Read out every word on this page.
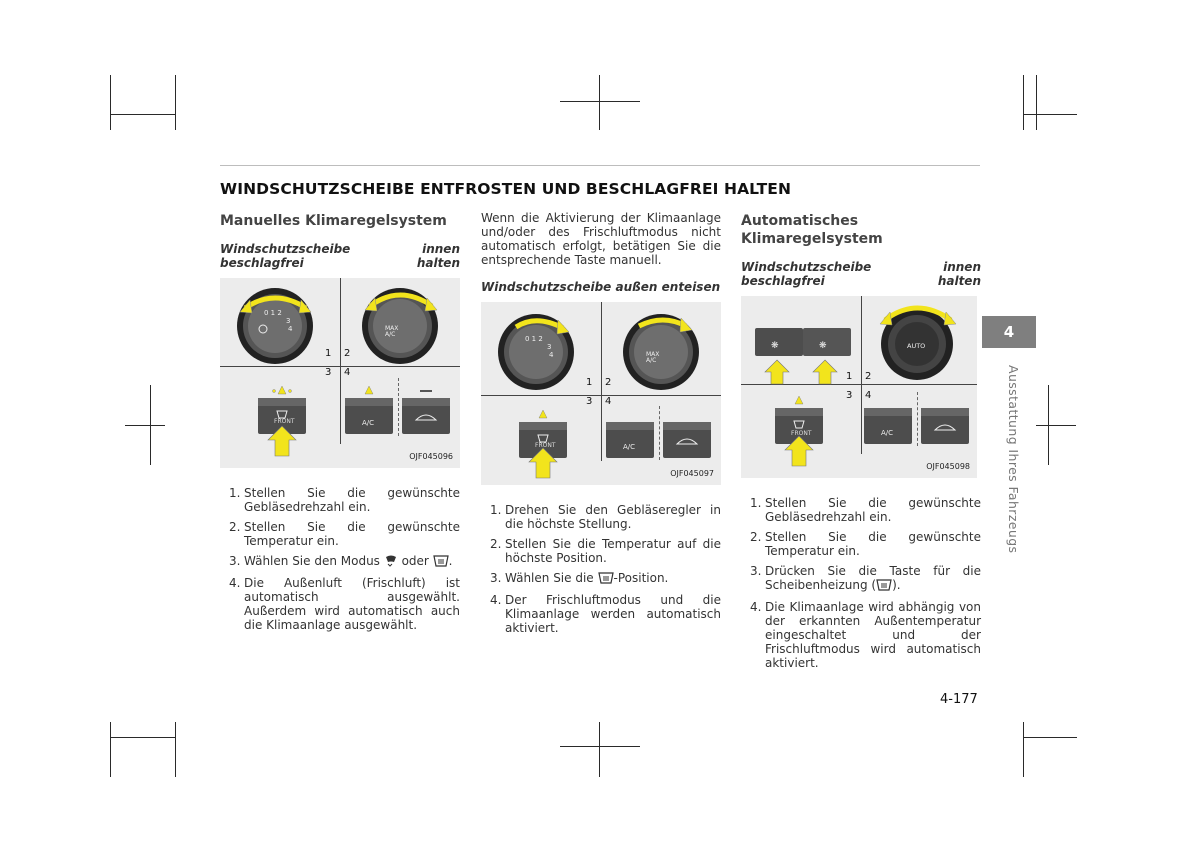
WINDSCHUTZSCHEIBE ENTFROSTEN UND BESCHLAGFREI HALTEN
Manuelles Klimaregelsystem
Windschutzscheibe	innen

beschlagfrei halten
0 1 2
3
4	MAX
A/C
FRONT	A/C
1 2
3 4
OJF045096
1. Stellen Sie die gewünschte Gebläsedrehzahl ein.
2. Stellen Sie die gewünschte Temperatur ein.
3. Wählen Sie den Modus  oder .
4. Die Außenluft (Frischluft) ist automatisch ausgewählt. Außerdem wird automatisch auch die Klimaanlage ausgewählt.
Wenn die Aktivierung der Klimaanlage und/oder des Frischluftmodus nicht automatisch erfolgt, betätigen Sie die entsprechende Taste manuell.
Windschutzscheibe außen enteisen
0 1 2
3
4	MAX
A/C
FRONT	A/C
1 2
3 4
OJF045097
1. Drehen Sie den Gebläseregler in die höchste Stellung.
2. Stellen Sie die Temperatur auf die höchste Position.
3. Wählen Sie die -Position.
4. Der Frischluftmodus und die Klimaanlage werden automatisch aktiviert.
Automatisches
Klimaregelsystem
Windschutzscheibe	innen

beschlagfrei halten
❋	❋	AUTO
FRONT	A/C
1 2
3 4
OJF045098
1. Stellen Sie die gewünschte Gebläsedrehzahl ein.
2. Stellen Sie die gewünschte Temperatur ein.
3. Drücken Sie die Taste für die Scheibenheizung ( ).
4. Die Klimaanlage wird abhängig von der erkannten Außentemperatur eingeschaltet und der Frischluftmodus wird automatisch aktiviert.
4
Ausstattung Ihres Fahrzeugs
4-177
